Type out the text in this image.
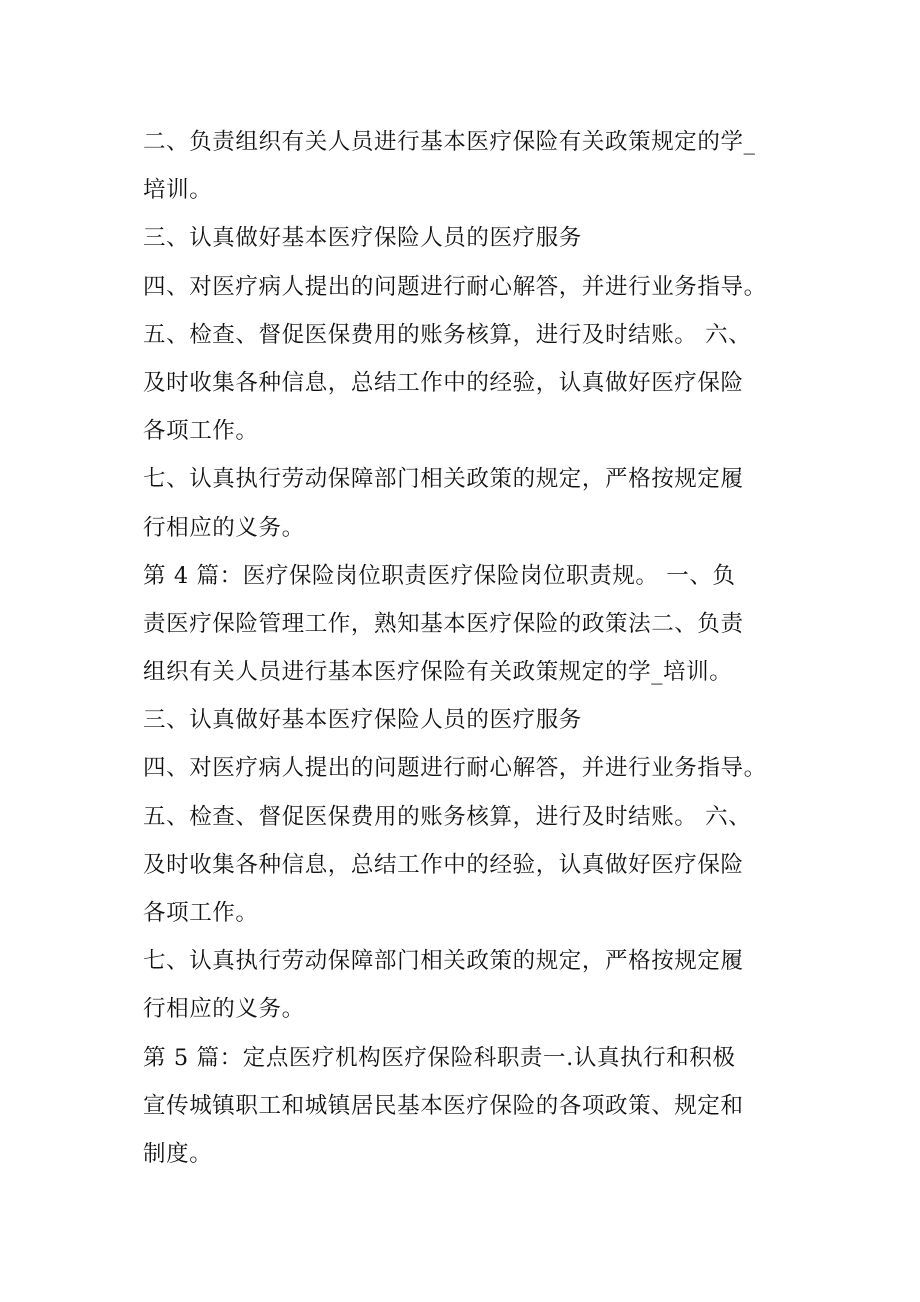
二、负责组织有关人员进行基本医疗保险有关政策规定的学_
培训。
三、认真做好基本医疗保险人员的医疗服务
四、对医疗病人提出的问题进行耐心解答，并进行业务指导。
五、检查、督促医保费用的账务核算，进行及时结账。 六、
及时收集各种信息，总结工作中的经验，认真做好医疗保险
各项工作。
七、认真执行劳动保障部门相关政策的规定，严格按规定履
行相应的义务。
第 4 篇：医疗保险岗位职责医疗保险岗位职责规。 一、负
责医疗保险管理工作，熟知基本医疗保险的政策法二、负责
组织有关人员进行基本医疗保险有关政策规定的学_培训。
三、认真做好基本医疗保险人员的医疗服务
四、对医疗病人提出的问题进行耐心解答，并进行业务指导。
五、检查、督促医保费用的账务核算，进行及时结账。 六、
及时收集各种信息，总结工作中的经验，认真做好医疗保险
各项工作。
七、认真执行劳动保障部门相关政策的规定，严格按规定履
行相应的义务。
第 5 篇：定点医疗机构医疗保险科职责一.认真执行和积极
宣传城镇职工和城镇居民基本医疗保险的各项政策、规定和
制度。
